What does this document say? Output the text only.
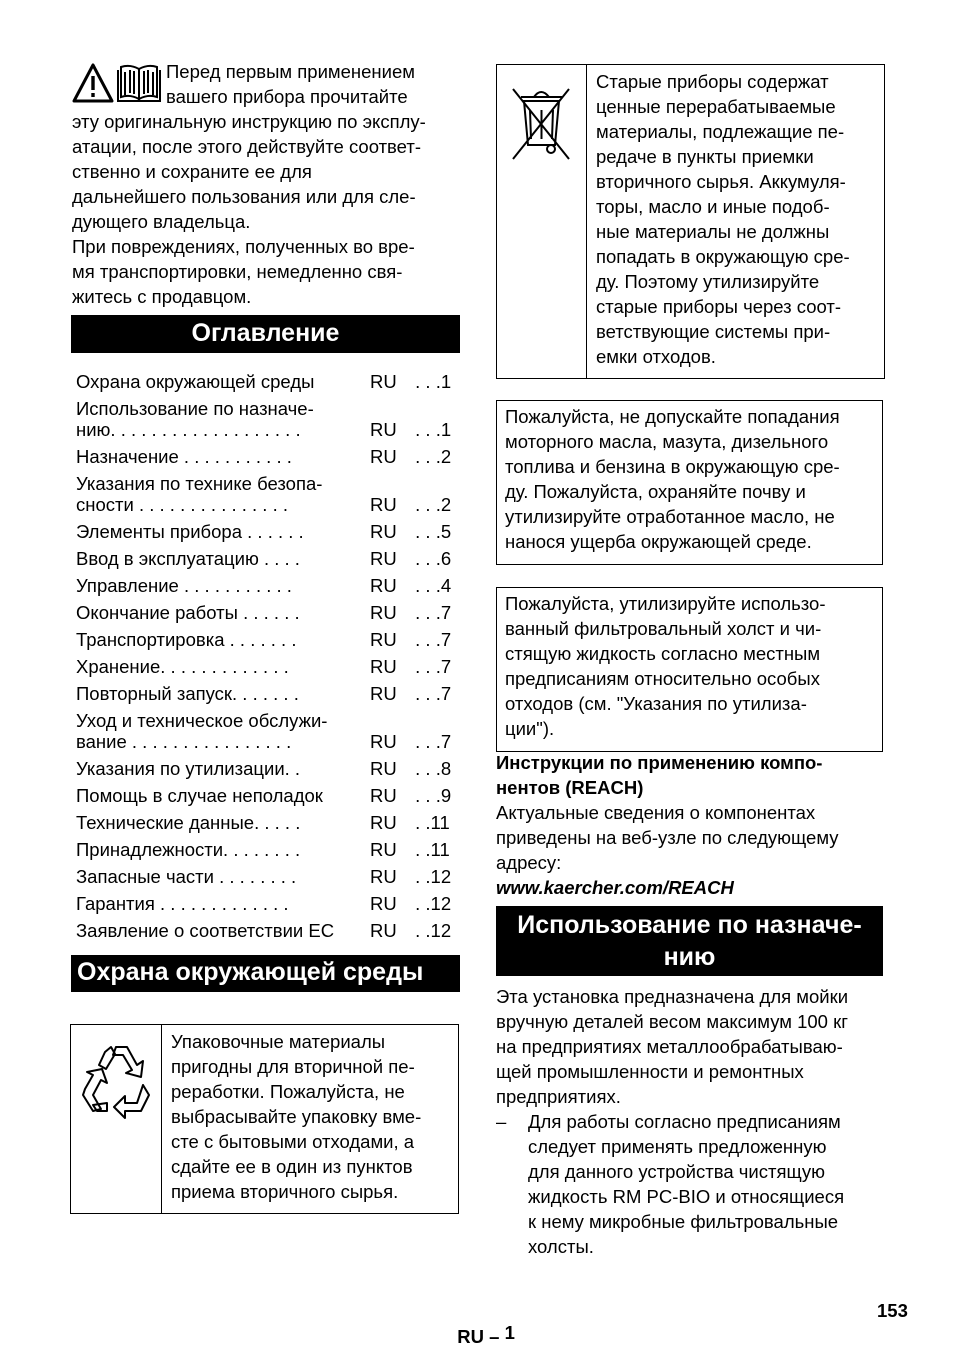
Перед первым применением

вашего прибора прочитайте

эту оригинальную инструкцию по эксплу-

атации, после этого действуйте соответ-

ственно и сохраните ее для

дальнейшего пользования или для сле-

дующего владельца.

При повреждениях, полученных во вре-

мя транспортировки, немедленно свя-

житесь с продавцом.

Оглавление
Охрана окружающей среды	RU	. . .1
Использование по назначе-
нию. . . . . . . . . . . . . . . . . . .	RU	. . .1
Назначение . . . . . . . . . . .	RU	. . .2
Указания по технике безопа-
сности . . . . . . . . . . . . . . .	RU	. . .2
Элементы прибора . . . . . .	RU	. . .5
Ввод в эксплуатацию . . . .	RU	. . .6
Управление . . . . . . . . . . .	RU	. . .4
Окончание работы . . . . . .	RU	. . .7
Транспортировка . . . . . . .	RU	. . .7
Хранение. . . . . . . . . . . . .	RU	. . .7
Повторный запуск. . . . . . .	RU	. . .7
Уход и техническое обслужи-
вание . . . . . . . . . . . . . . . .	RU	. . .7
Указания по утилизации. .	RU	. . .8
Помощь в случае неполадок	RU	. . .9
Технические данные. . . . .	RU	. .11
Принадлежности. . . . . . . .	RU	. .11
Запасные части . . . . . . . .	RU	. .12
Гарантия . . . . . . . . . . . . .	RU	. .12
Заявление о соответствии ЕС	RU	. .12
Охрана окружающей среды

Упаковочные материалы

пригодны для вторичной пе-

реработки. Пожалуйста, не

выбрасывайте упаковку вме-

сте с бытовыми отходами, а

сдайте ее в один из пунктов

приема вторичного сырья.

Старые приборы содержат

ценные перерабатываемые

материалы, подлежащие пе-

редаче в пункты приемки

вторичного сырья. Аккумуля-

торы, масло и иные подоб-

ные материалы не должны

попадать в окружающую сре-

ду. Поэтому утилизируйте

старые приборы через соот-

ветствующие системы при-

емки отходов.

Пожалуйста, не допускайте попадания

моторного масла, мазута, дизельного

топлива и бензина в окружающую сре-

ду. Пожалуйста, охраняйте почву и

утилизируйте отработанное масло, не

нанося ущерба окружающей среде.

Пожалуйста, утилизируйте использо-

ванный фильтровальный холст и чи-

стящую жидкость согласно местным

предписаниям относительно особых

отходов (см. "Указания по утилиза-

ции").

Инструкции по применению компо-

нентов (REACH)

Актуальные сведения о компонентах

приведены на веб-узле по следующему

адресу:

www.kaercher.com/REACH

Использование по назначе-
нию

Эта установка предназначена для мойки

вручную деталей весом максимум 100 кг

на предприятиях металлообрабатываю-

щей промышленности и ремонтных

предприятиях.

– Для работы согласно предписаниям

следует применять предложенную

для данного устройства чистящую

жидкость RM PC-BIO и относящиеся

к нему микробные фильтровальные

холсты.

RU – 1

153
